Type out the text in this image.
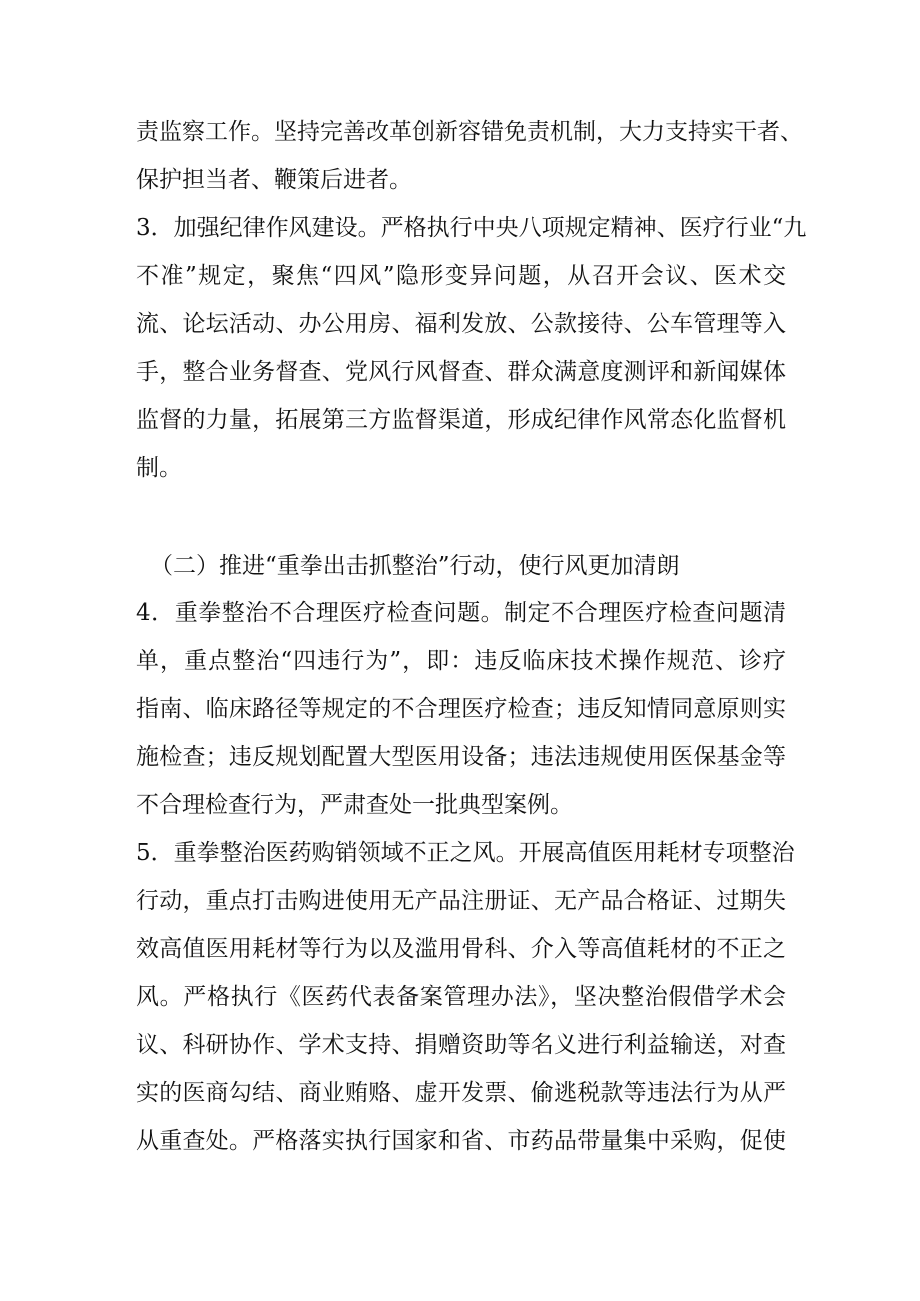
责监察工作。坚持完善改革创新容错免责机制，大力支持实干者、
保护担当者、鞭策后进者。
3．加强纪律作风建设。严格执行中央八项规定精神、医疗行业“九
不准”规定，聚焦“四风”隐形变异问题，从召开会议、医术交
流、论坛活动、办公用房、福利发放、公款接待、公车管理等入
手，整合业务督查、党风行风督查、群众满意度测评和新闻媒体
监督的力量，拓展第三方监督渠道，形成纪律作风常态化监督机
制。
（二）推进“重拳出击抓整治”行动，使行风更加清朗
4．重拳整治不合理医疗检查问题。制定不合理医疗检查问题清
单，重点整治“四违行为”，即：违反临床技术操作规范、诊疗
指南、临床路径等规定的不合理医疗检查；违反知情同意原则实
施检查；违反规划配置大型医用设备；违法违规使用医保基金等
不合理检查行为，严肃查处一批典型案例。
5．重拳整治医药购销领域不正之风。开展高值医用耗材专项整治
行动，重点打击购进使用无产品注册证、无产品合格证、过期失
效高值医用耗材等行为以及滥用骨科、介入等高值耗材的不正之
风。严格执行《医药代表备案管理办法》，坚决整治假借学术会
议、科研协作、学术支持、捐赠资助等名义进行利益输送，对查
实的医商勾结、商业贿赂、虚开发票、偷逃税款等违法行为从严
从重查处。严格落实执行国家和省、市药品带量集中采购，促使
